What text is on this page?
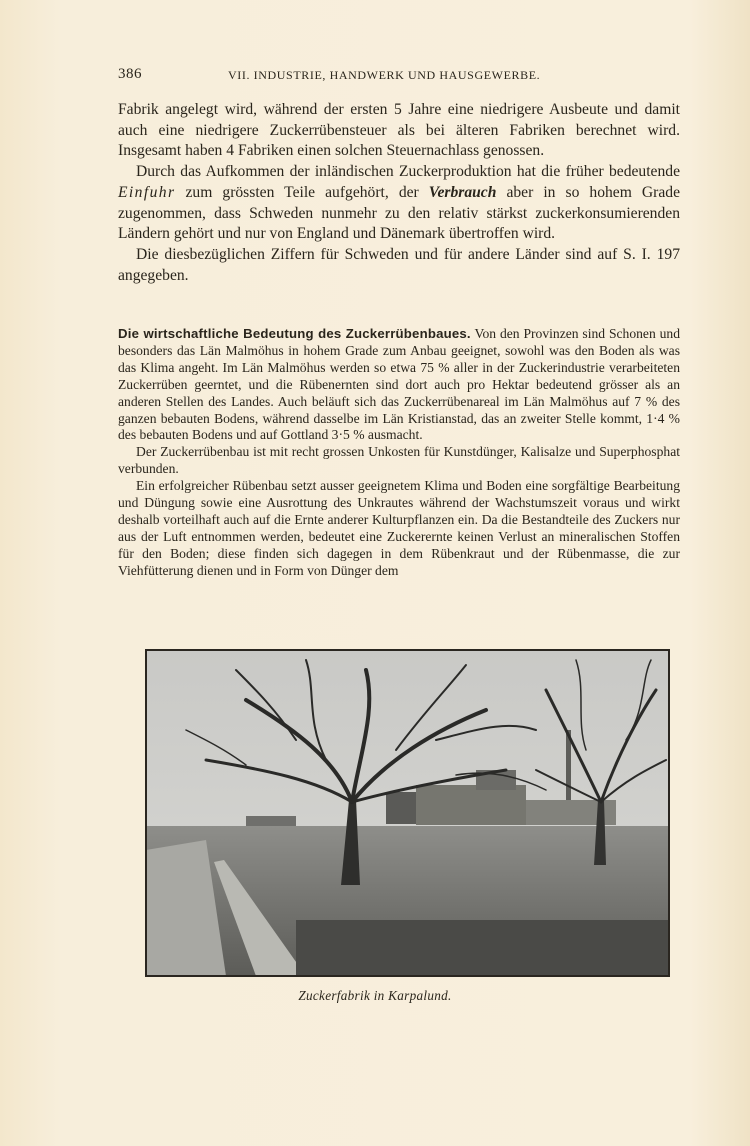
386	VII. INDUSTRIE, HANDWERK UND HAUSGEWERBE.

Fabrik angelegt wird, während der ersten 5 Jahre eine niedrigere Ausbeute und damit auch eine niedrigere Zuckerrübensteuer als bei älteren Fabriken berechnet wird. Insgesamt haben 4 Fabriken einen solchen Steuernachlass genossen.

Durch das Aufkommen der inländischen Zuckerproduktion hat die früher bedeutende Einfuhr zum grössten Teile aufgehört, der Verbrauch aber in so hohem Grade zugenommen, dass Schweden nunmehr zu den relativ stärkst zuckerkonsumierenden Ländern gehört und nur von England und Dänemark übertroffen wird.

Die diesbezüglichen Ziffern für Schweden und für andere Länder sind auf S. I. 197 angegeben.

Die wirtschaftliche Bedeutung des Zuckerrübenbaues. Von den Provinzen sind Schonen und besonders das Län Malmöhus in hohem Grade zum Anbau geeignet, sowohl was den Boden als was das Klima angeht. Im Län Malmöhus werden so etwa 75 % aller in der Zuckerindustrie verarbeiteten Zuckerrüben geerntet, und die Rübenernten sind dort auch pro Hektar bedeutend grösser als an anderen Stellen des Landes. Auch beläuft sich das Zuckerrübenareal im Län Malmöhus auf 7 % des ganzen bebauten Bodens, während dasselbe im Län Kristianstad, das an zweiter Stelle kommt, 1·4 % des bebauten Bodens und auf Gottland 3·5 % ausmacht.

Der Zuckerrübenbau ist mit recht grossen Unkosten für Kunstdünger, Kalisalze und Superphosphat verbunden.

Ein erfolgreicher Rübenbau setzt ausser geeignetem Klima und Boden eine sorgfältige Bearbeitung und Düngung sowie eine Ausrottung des Unkrautes während der Wachstumszeit voraus und wirkt deshalb vorteilhaft auch auf die Ernte anderer Kulturpflanzen ein. Da die Bestandteile des Zuckers nur aus der Luft entnommen werden, bedeutet eine Zuckerernte keinen Verlust an mineralischen Stoffen für den Boden; diese finden sich dagegen in dem Rübenkraut und der Rübenmasse, die zur Viehfütterung dienen und in Form von Dünger dem

Zuckerfabrik in Karpalund.
